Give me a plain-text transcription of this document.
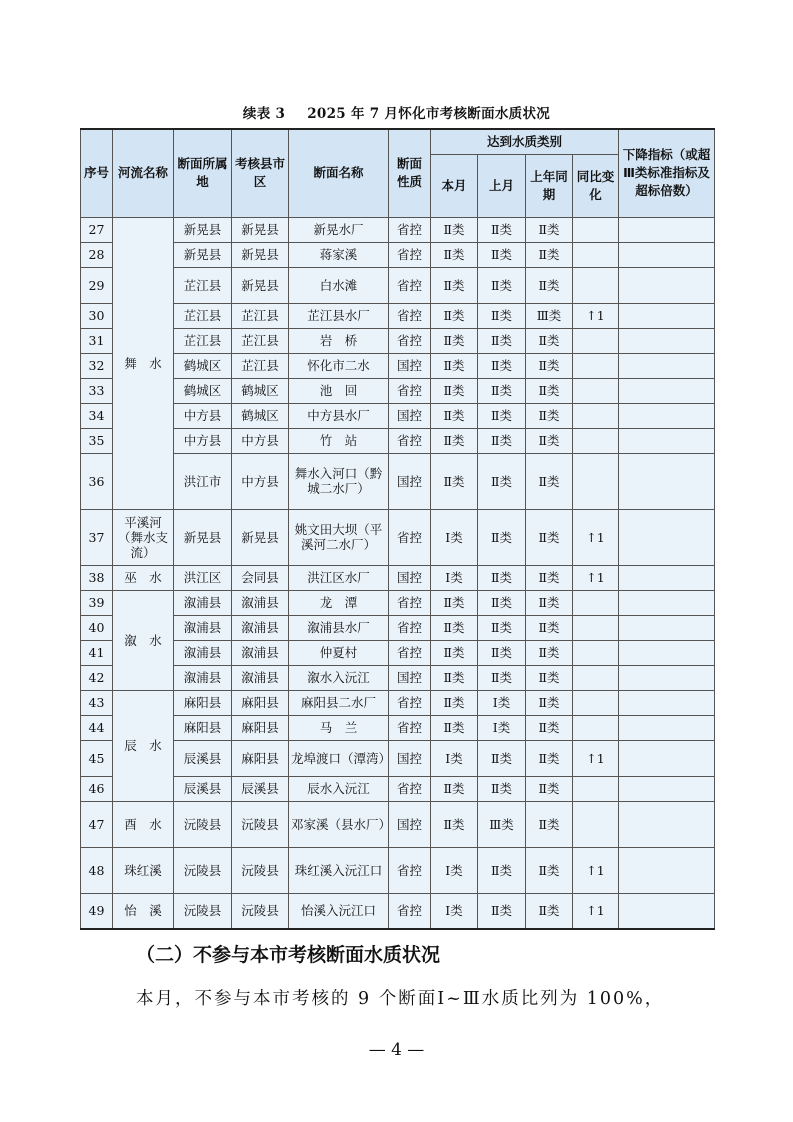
续表 3 2025 年 7 月怀化市考核断面水质状况
序号	河流名称	断面所属地	考核县市区	断面名称	断面性质	达到水质类别				下降指标（或超Ⅲ类标准指标及超标倍数）
						本月	上月	上年同期	同比变化	
27	舞　水	新晃县	新晃县	新晃水厂	省控	Ⅱ类	Ⅱ类	Ⅱ类		
28		新晃县	新晃县	蒋家溪	省控	Ⅱ类	Ⅱ类	Ⅱ类		
29		芷江县	新晃县	白水滩	省控	Ⅱ类	Ⅱ类	Ⅱ类		
30		芷江县	芷江县	芷江县水厂	省控	Ⅱ类	Ⅱ类	Ⅲ类	↑1	
31		芷江县	芷江县	岩　桥	省控	Ⅱ类	Ⅱ类	Ⅱ类		
32		鹤城区	芷江县	怀化市二水	国控	Ⅱ类	Ⅱ类	Ⅱ类		
33		鹤城区	鹤城区	池　回	省控	Ⅱ类	Ⅱ类	Ⅱ类		
34		中方县	鹤城区	中方县水厂	国控	Ⅱ类	Ⅱ类	Ⅱ类		
35		中方县	中方县	竹　站	省控	Ⅱ类	Ⅱ类	Ⅱ类		
36		洪江市	中方县	舞水入河口（黔城二水厂）	国控	Ⅱ类	Ⅱ类	Ⅱ类		
37	平溪河（舞水支流）	新晃县	新晃县	姚文田大坝（平溪河二水厂）	省控	Ⅰ类	Ⅱ类	Ⅱ类	↑1	
38	巫　水	洪江区	会同县	洪江区水厂	国控	Ⅰ类	Ⅱ类	Ⅱ类	↑1	
39	溆　水	溆浦县	溆浦县	龙　潭	省控	Ⅱ类	Ⅱ类	Ⅱ类		
40		溆浦县	溆浦县	溆浦县水厂	省控	Ⅱ类	Ⅱ类	Ⅱ类		
41		溆浦县	溆浦县	仲夏村	省控	Ⅱ类	Ⅱ类	Ⅱ类		
42		溆浦县	溆浦县	溆水入沅江	国控	Ⅱ类	Ⅱ类	Ⅱ类		
43	辰　水	麻阳县	麻阳县	麻阳县二水厂	省控	Ⅱ类	Ⅰ类	Ⅱ类		
44		麻阳县	麻阳县	马　兰	省控	Ⅱ类	Ⅰ类	Ⅱ类		
45		辰溪县	麻阳县	龙埠渡口（潭湾）	国控	Ⅰ类	Ⅱ类	Ⅱ类	↑1	
46		辰溪县	辰溪县	辰水入沅江	省控	Ⅱ类	Ⅱ类	Ⅱ类		
47	酉　水	沅陵县	沅陵县	邓家溪（县水厂）	国控	Ⅱ类	Ⅲ类	Ⅱ类		
48	珠红溪	沅陵县	沅陵县	珠红溪入沅江口	省控	Ⅰ类	Ⅱ类	Ⅱ类	↑1	
49	怡　溪	沅陵县	沅陵县	怡溪入沅江口	省控	Ⅰ类	Ⅱ类	Ⅱ类	↑1	
（二）不参与本市考核断面水质状况
本月，不参与本市考核的 9 个断面Ⅰ~Ⅲ水质比列为 100%，
— 4 —
